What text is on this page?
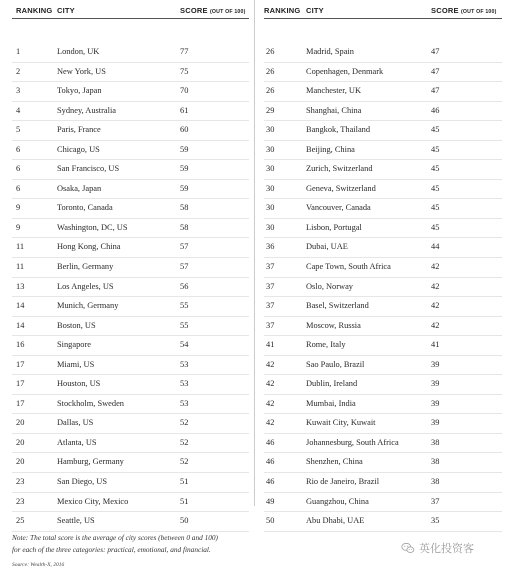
RANKING CITY	SCORE (OUT OF 100)
1	London, UK	77
2	New York, US	75
3	Tokyo, Japan	70
4	Sydney, Australia	61
5	Paris, France	60
6	Chicago, US	59
6	San Francisco, US	59
6	Osaka, Japan	59
9	Toronto, Canada	58
9	Washington, DC, US	58
11	Hong Kong, China	57
11	Berlin, Germany	57
13	Los Angeles, US	56
14	Munich, Germany	55
14	Boston, US	55
16	Singapore	54
17	Miami, US	53
17	Houston, US	53
17	Stockholm, Sweden	53
20	Dallas, US	52
20	Atlanta, US	52
20	Hamburg, Germany	52
23	San Diego, US	51
23	Mexico City, Mexico	51
25	Seattle, US	50
RANKING CITY	SCORE (OUT OF 100)
26	Madrid, Spain	47
26	Copenhagen, Denmark	47
26	Manchester, UK	47
29	Shanghai, China	46
30	Bangkok, Thailand	45
30	Beijing, China	45
30	Zurich, Switzerland	45
30	Geneva, Switzerland	45
30	Vancouver, Canada	45
30	Lisbon, Portugal	45
36	Dubai, UAE	44
37	Cape Town, South Africa	42
37	Oslo, Norway	42
37	Basel, Switzerland	42
37	Moscow, Russia	42
41	Rome, Italy	41
42	Sao Paulo, Brazil	39
42	Dublin, Ireland	39
42	Mumbai, India	39
42	Kuwait City, Kuwait	39
46	Johannesburg, South Africa	38
46	Shenzhen, China	38
46	Rio de Janeiro, Brazil	38
49	Guangzhou, China	37
50	Abu Dhabi, UAE	35
Note: The total score is the average of city scores (between 0 and 100)
for each of the three categories: practical, emotional, and financial.
Source: Wealth-X, 2016
英化投资客
